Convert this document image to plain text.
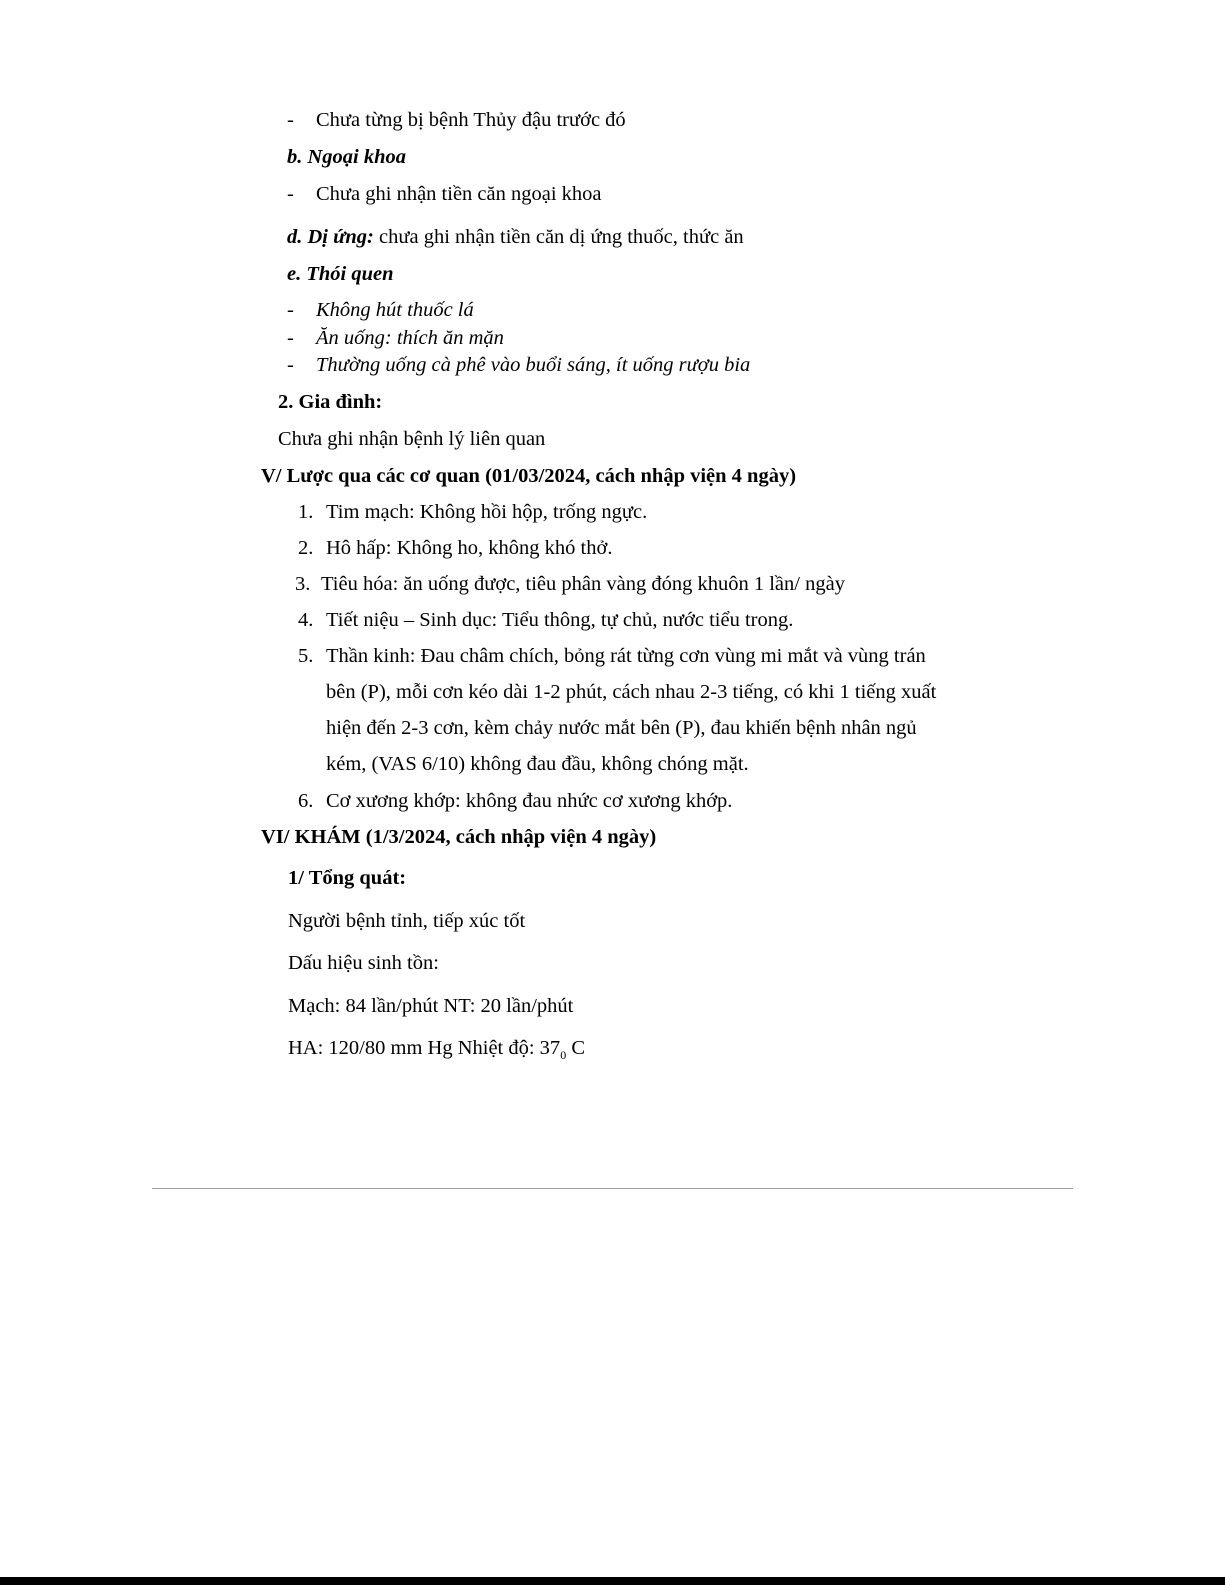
- Chưa từng bị bệnh Thủy đậu trước đó
b. Ngoại khoa
- Chưa ghi nhận tiền căn ngoại khoa
d. Dị ứng: chưa ghi nhận tiền căn dị ứng thuốc, thức ăn
e. Thói quen
- Không hút thuốc lá
- Ăn uống: thích ăn mặn
- Thường uống cà phê vào buổi sáng, ít uống rượu bia
2. Gia đình:
Chưa ghi nhận bệnh lý liên quan
V/ Lược qua các cơ quan (01/03/2024, cách nhập viện 4 ngày)
1. Tim mạch: Không hồi hộp, trống ngực.
2. Hô hấp: Không ho, không khó thở.
3. Tiêu hóa: ăn uống được, tiêu phân vàng đóng khuôn 1 lần/ ngày
4. Tiết niệu – Sinh dục: Tiểu thông, tự chủ, nước tiểu trong.
5. Thần kinh: Đau châm chích, bỏng rát từng cơn vùng mi mắt và vùng trán
bên (P), mỗi cơn kéo dài 1-2 phút, cách nhau 2-3 tiếng, có khi 1 tiếng xuất
hiện đến 2-3 cơn, kèm chảy nước mắt bên (P), đau khiến bệnh nhân ngủ
kém, (VAS 6/10) không đau đầu, không chóng mặt.
6. Cơ xương khớp: không đau nhức cơ xương khớp.
VI/ KHÁM (1/3/2024, cách nhập viện 4 ngày)
1/ Tổng quát:
Người bệnh tỉnh, tiếp xúc tốt
Dấu hiệu sinh tồn:
Mạch: 84 lần/phút NT: 20 lần/phút
HA: 120/80 mm Hg Nhiệt độ: $37_0$ C
